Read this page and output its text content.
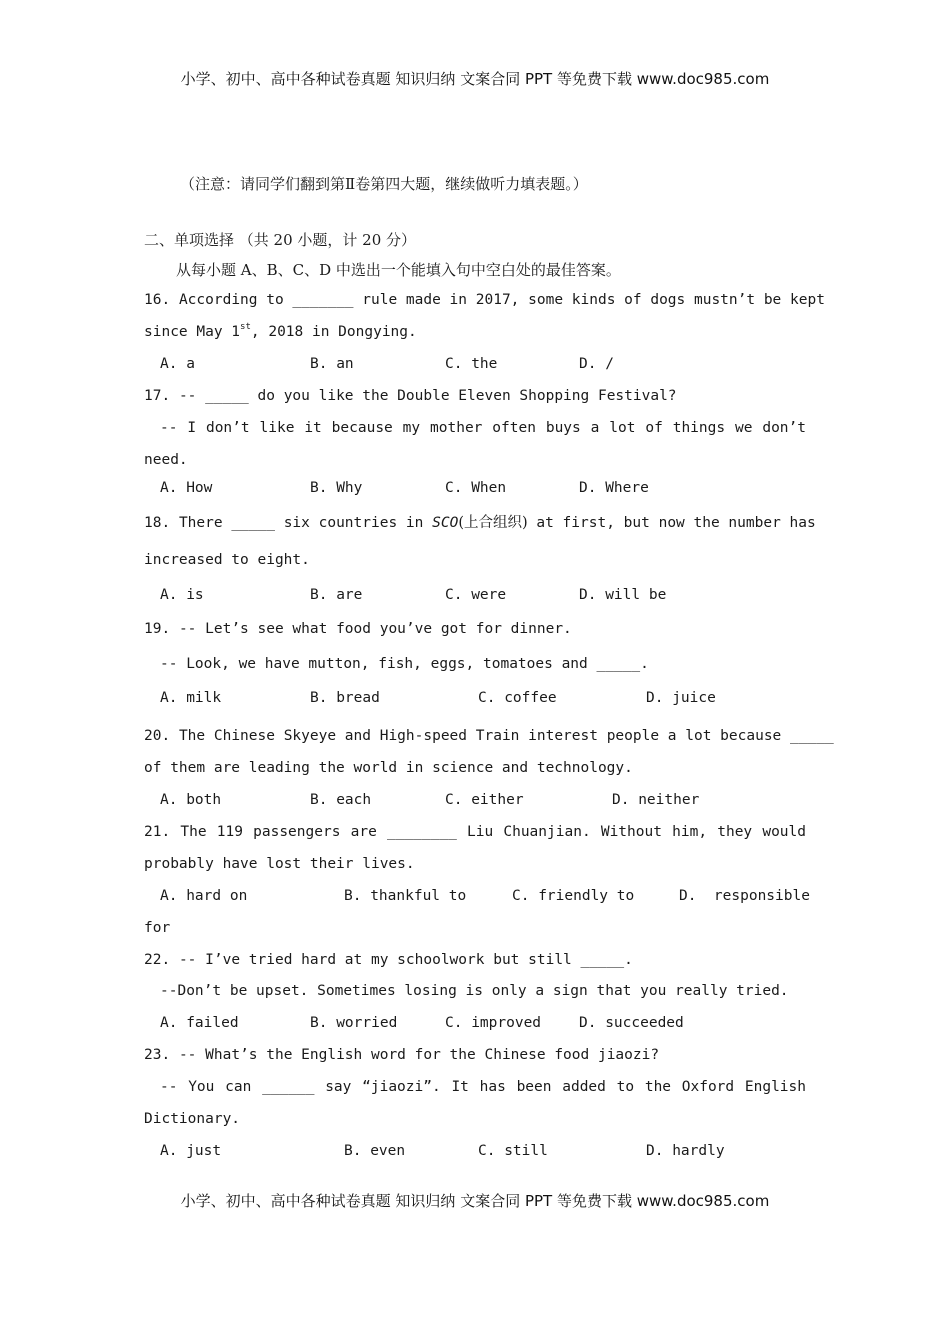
小学、初中、高中各种试卷真题 知识归纳 文案合同 PPT 等免费下载 www.doc985.com
（注意：请同学们翻到第Ⅱ卷第四大题，继续做听力填表题。）
二、单项选择 （共 20 小题，计 20 分）
从每小题 A、B、C、D 中选出一个能填入句中空白处的最佳答案。
16. According to _______ rule made in 2017, some kinds of dogs mustn’t be kept
since May 1st, 2018 in Dongying.
A. a	B. an	C. the	D. /
17. -- _____ do you like the Double Eleven Shopping Festival?
-- I don’t like it because my mother often buys a lot of things we don’t
need.
A. How	B. Why	C. When	D. Where
18. There _____ six countries in SCO(上合组织) at first, but now the number has
increased to eight.
A. is	B. are	C. were	D. will be
19. -- Let’s see what food you’ve got for dinner.
-- Look, we have mutton, fish, eggs, tomatoes and _____.
A. milk	B. bread	C. coffee	D. juice
20. The Chinese Skyeye and High-speed Train interest people a lot because _____
of them are leading the world in science and technology.
A. both	B. each	C. either	D. neither
21. The 119 passengers are ________ Liu Chuanjian. Without him, they would
probably have lost their lives.
A. hard on	B. thankful to	C. friendly to	D.  responsible
for
22. -- I’ve tried hard at my schoolwork but still _____.
--Don’t be upset. Sometimes losing is only a sign that you really tried.
A. failed	B. worried	C. improved	D. succeeded
23. -- What’s the English word for the Chinese food jiaozi?
-- You can ______ say “jiaozi”. It has been added to the Oxford English
Dictionary.
A. just	B. even	C. still	D. hardly
小学、初中、高中各种试卷真题 知识归纳 文案合同 PPT 等免费下载 www.doc985.com
